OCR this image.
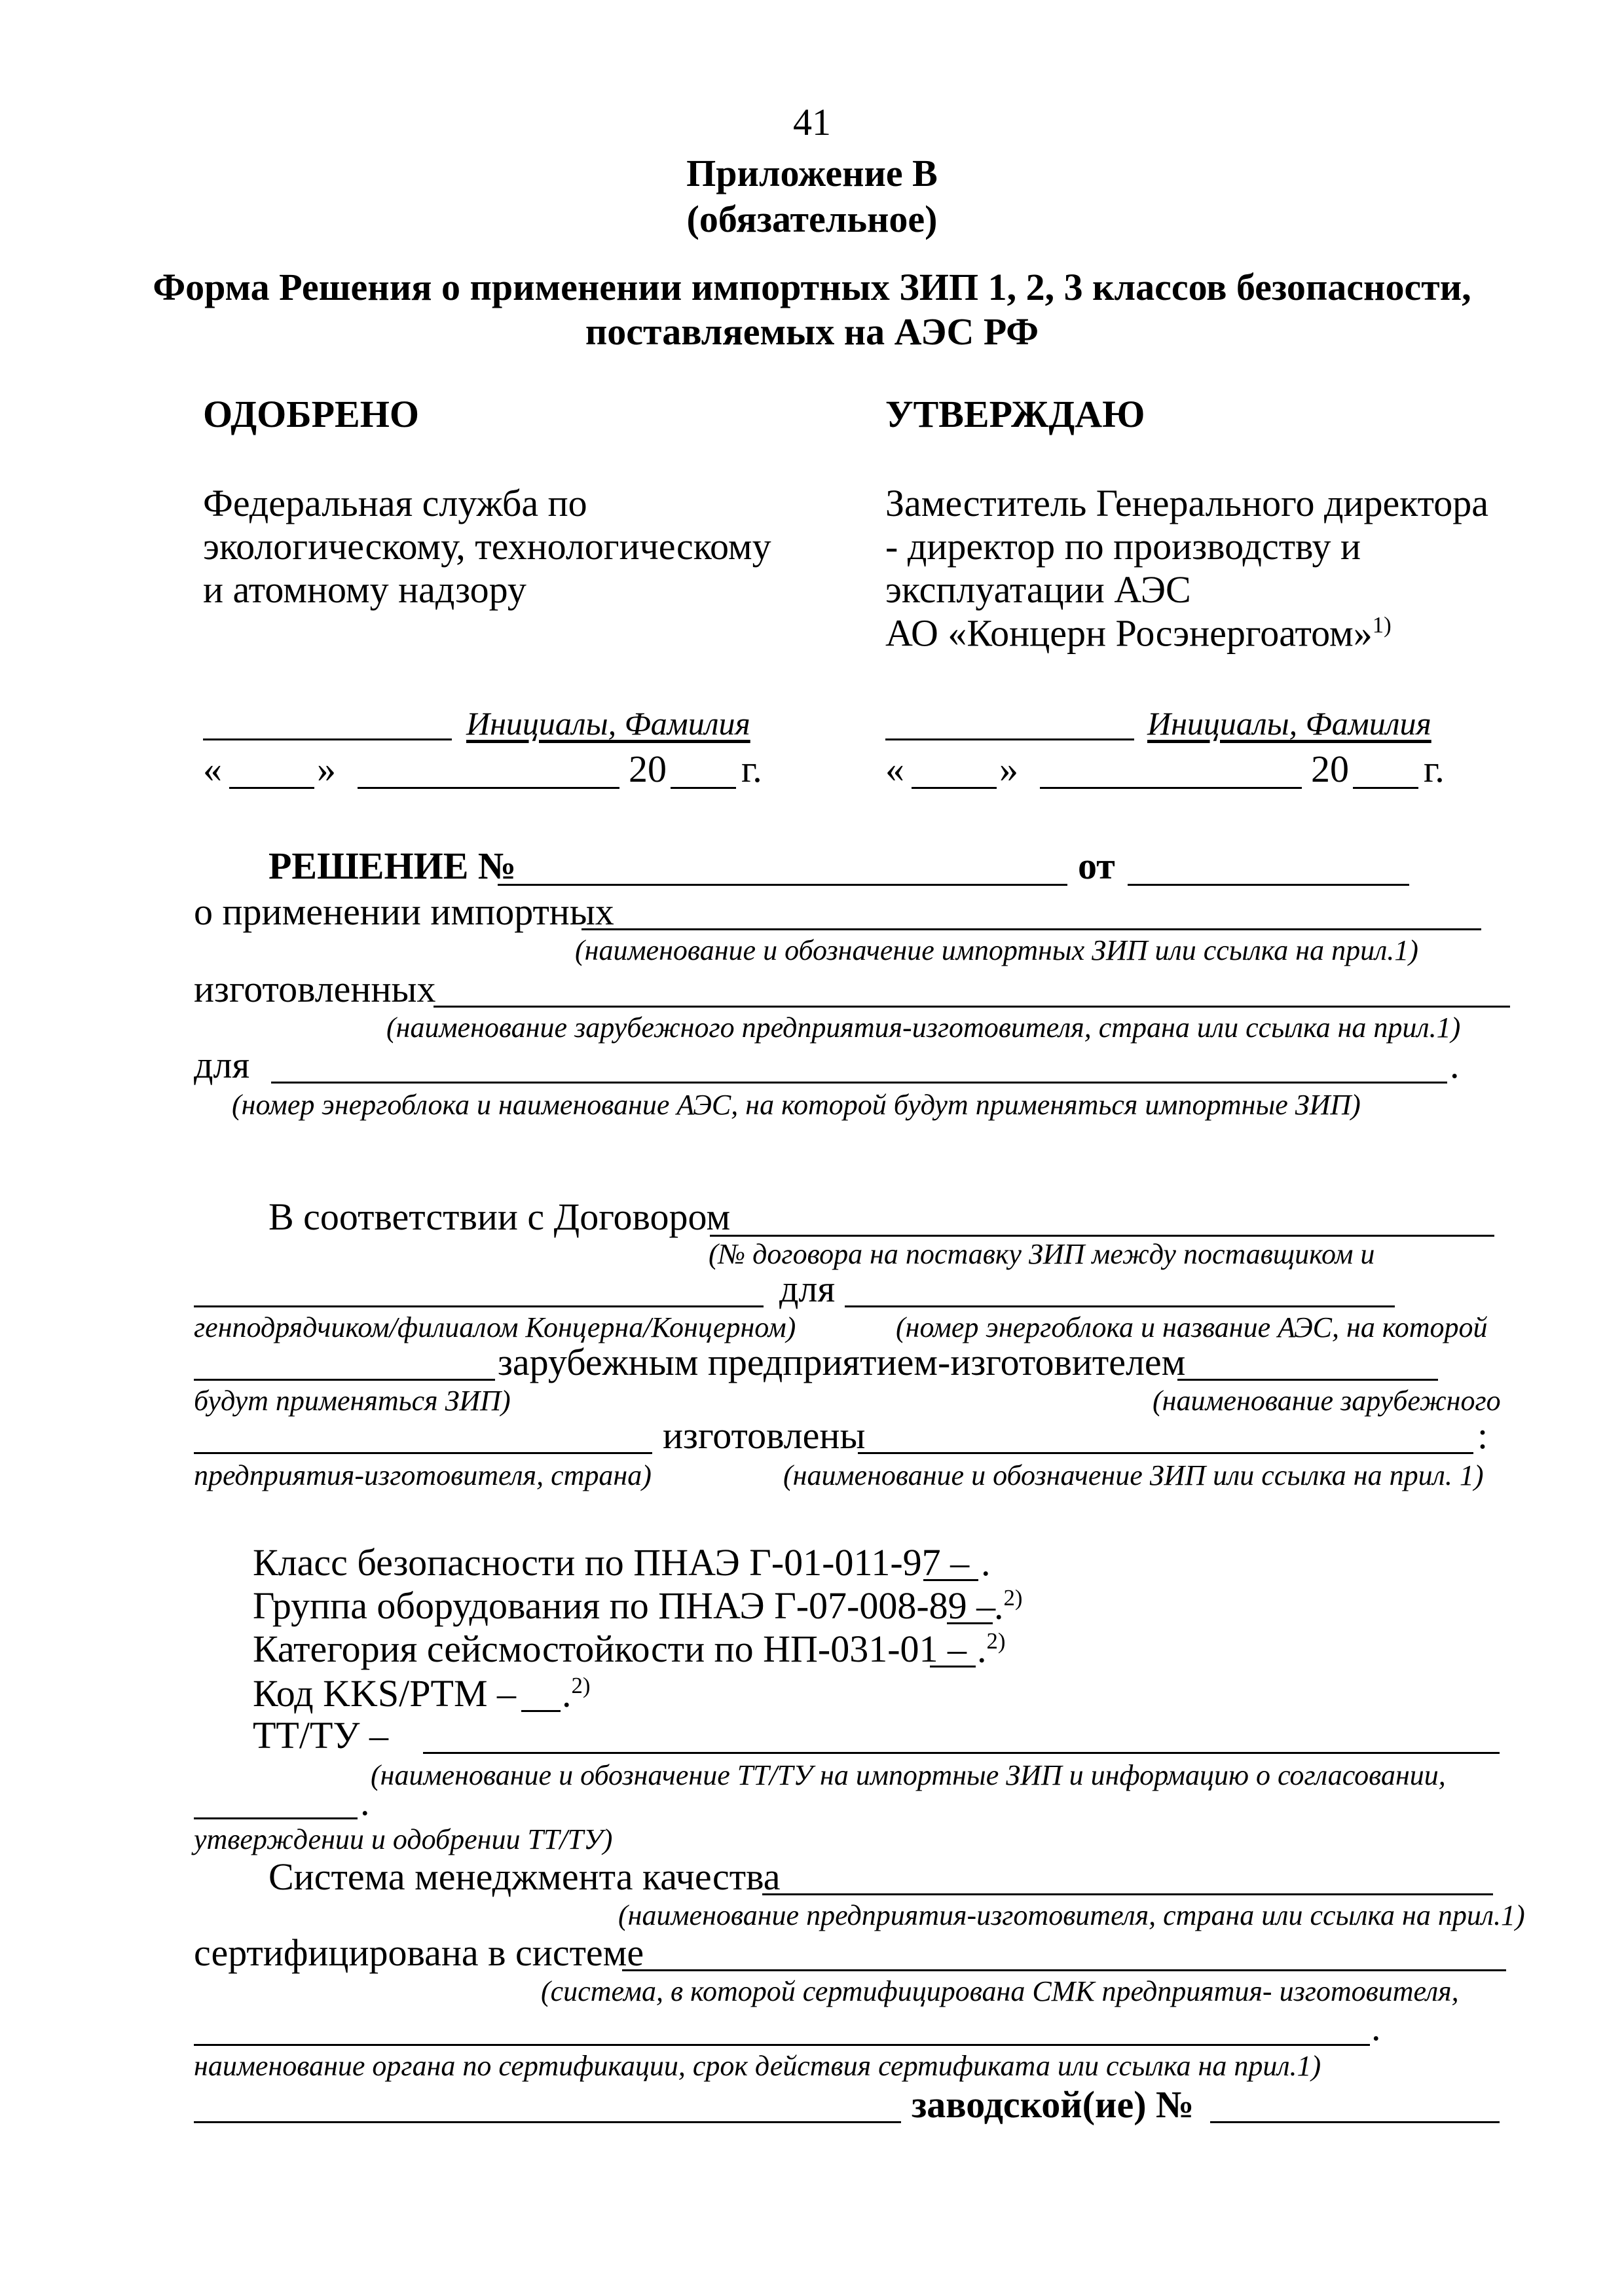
41
Приложение В
(обязательное)
Форма Решения о применении импортных ЗИП 1, 2, 3 классов безопасности,
поставляемых на АЭС РФ
ОДОБРЕНО
Федеральная служба по
экологическому, технологическому
и атомному надзору
Инициалы, Фамилия
«	»	20 г.
УТВЕРЖДАЮ
Заместитель Генерального директора
- директор по производству и
эксплуатации АЭС
АО «Концерн Росэнергоатом»$^{1)}$
Инициалы, Фамилия
«	»	20 г.
РЕШЕНИЕ №	от
о применении импортных
(наименование и обозначение импортных ЗИП или ссылка на прил.1)
изготовленных
(наименование зарубежного предприятия-изготовителя, страна или ссылка на прил.1)
для	.
(номер энергоблока и наименование АЭС, на которой будут применяться импортные ЗИП)
В соответствии с Договором
(№ договора на поставку ЗИП между поставщиком и
для
генподрядчиком/филиалом Концерна/Концерном)	(номер энергоблока и название АЭС, на которой
зарубежным предприятием-изготовителем
будут применяться ЗИП)	(наименование зарубежного
изготовлены	:
предприятия-изготовителя, страна)	(наименование и обозначение ЗИП или ссылка на прил. 1)
Класс безопасности по ПНАЭ Г-01-011-97 – .
Группа оборудования по ПНАЭ Г-07-008-89 –
.$^{2)}$
Категория сейсмостойкости по НП-031-01 – .$^{2)}$
Код KKS/PTM – .$^{2)}$
ТТ/ТУ –
(наименование и обозначение ТТ/ТУ на импортные ЗИП и информацию о согласовании,
.
утверждении и одобрении ТТ/ТУ)
Система менеджмента качества
(наименование предприятия-изготовителя, страна или ссылка на прил.1)
сертифицирована в системе
(система, в которой сертифицирована СМК предприятия- изготовителя,
.
наименование органа по сертификации, срок действия сертификата или ссылка на прил.1)
заводской(ие) №
